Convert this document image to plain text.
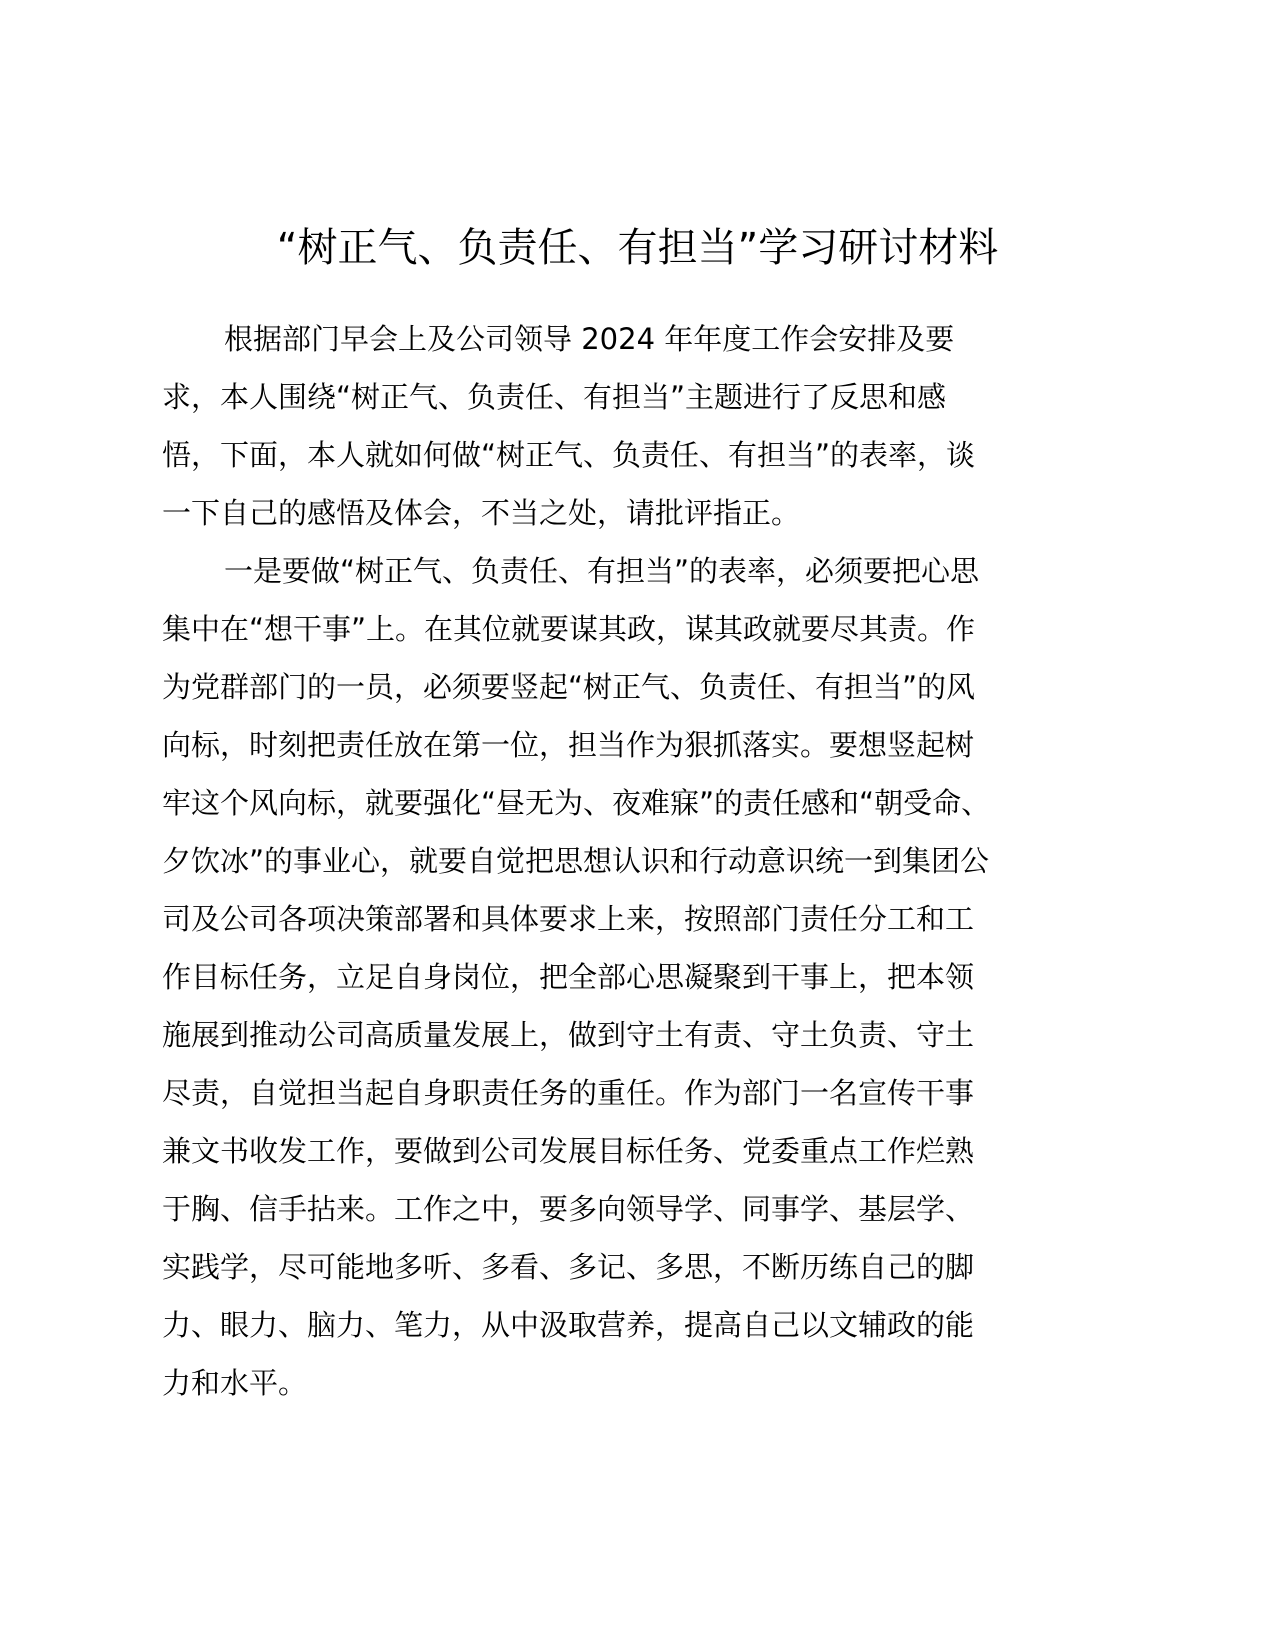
“树正气、负责任、有担当”学习研讨材料
根据部门早会上及公司领导 2024 年年度工作会安排及要
求，本人围绕“树正气、负责任、有担当”主题进行了反思和感
悟，下面，本人就如何做“树正气、负责任、有担当”的表率，谈
一下自己的感悟及体会，不当之处，请批评指正。
一是要做“树正气、负责任、有担当”的表率，必须要把心思
集中在“想干事”上。在其位就要谋其政，谋其政就要尽其责。作
为党群部门的一员，必须要竖起“树正气、负责任、有担当”的风
向标，时刻把责任放在第一位，担当作为狠抓落实。要想竖起树
牢这个风向标，就要强化“昼无为、夜难寐”的责任感和“朝受命、
夕饮冰”的事业心，就要自觉把思想认识和行动意识统一到集团公
司及公司各项决策部署和具体要求上来，按照部门责任分工和工
作目标任务，立足自身岗位，把全部心思凝聚到干事上，把本领
施展到推动公司高质量发展上，做到守土有责、守土负责、守土
尽责，自觉担当起自身职责任务的重任。作为部门一名宣传干事
兼文书收发工作，要做到公司发展目标任务、党委重点工作烂熟
于胸、信手拈来。工作之中，要多向领导学、同事学、基层学、
实践学，尽可能地多听、多看、多记、多思，不断历练自己的脚
力、眼力、脑力、笔力，从中汲取营养，提高自己以文辅政的能
力和水平。
